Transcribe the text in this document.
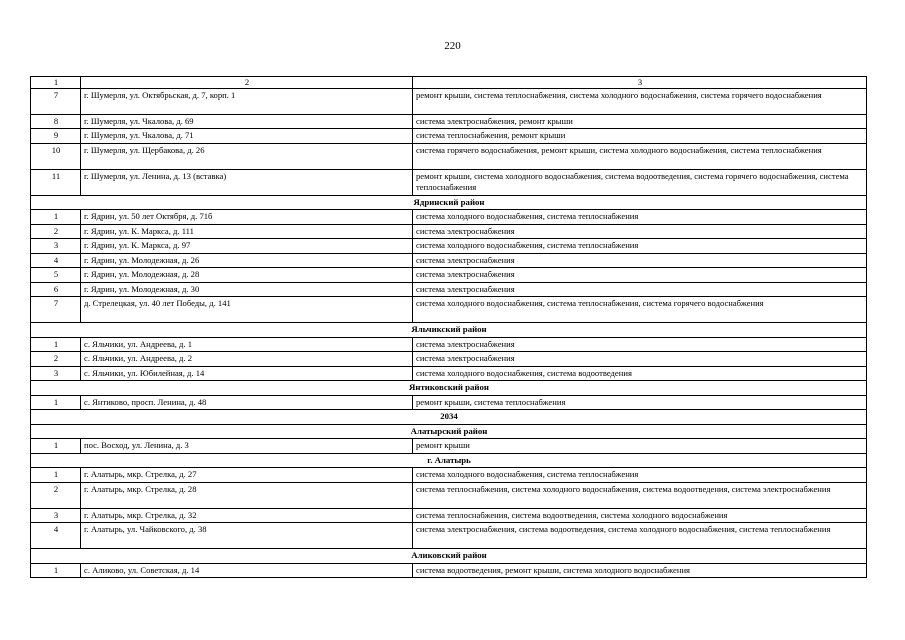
220
1	2	3
7	г. Шумерля, ул. Октябрьская, д. 7, корп. 1	ремонт крыши, система теплоснабжения, система холодного водоснабжения, система горячего водоснабжения
8	г. Шумерля, ул. Чкалова, д. 69	система электроснабжения, ремонт крыши
9	г. Шумерля, ул. Чкалова, д. 71	система теплоснабжения, ремонт крыши
10	г. Шумерля, ул. Щербакова, д. 26	система горячего водоснабжения, ремонт крыши, система холодного водоснабжения, система теплоснабжения
11	г. Шумерля, ул. Ленина, д. 13 (вставка)	ремонт крыши, система холодного водоснабжения, система водоотведения, система горячего водоснабжения, система теплоснабжения
Ядринский район		
1	г. Ядрин, ул. 50 лет Октября, д. 71б	система холодного водоснабжения, система теплоснабжения
2	г. Ядрин, ул. К. Маркса, д. 111	система электроснабжения
3	г. Ядрин, ул. К. Маркса, д. 97	система холодного водоснабжения, система теплоснабжения
4	г. Ядрин, ул. Молодежная, д. 26	система электроснабжения
5	г. Ядрин, ул. Молодежная, д. 28	система электроснабжения
6	г. Ядрин, ул. Молодежная, д. 30	система электроснабжения
7	д. Стрелецкая, ул. 40 лет Победы, д. 141	система холодного водоснабжения, система теплоснабжения, система горячего водоснабжения
Яльчикский район		
1	с. Яльчики, ул. Андреева, д. 1	система электроснабжения
2	с. Яльчики, ул. Андреева, д. 2	система электроснабжения
3	с. Яльчики, ул. Юбилейная, д. 14	система холодного водоснабжения, система водоотведения
Янтиковский район		
1	с. Янтиково, просп. Ленина, д. 48	ремонт крыши, система теплоснабжения
2034		
Алатырский район		
1	пос. Восход, ул. Ленина, д. 3	ремонт крыши
г. Алатырь		
1	г. Алатырь, мкр. Стрелка, д. 27	система холодного водоснабжения, система теплоснабжения
2	г. Алатырь, мкр. Стрелка, д. 28	система теплоснабжения, система холодного водоснабжения, система водоотведения, система электроснабжения
3	г. Алатырь, мкр. Стрелка, д. 32	система теплоснабжения, система водоотведения, система холодного водоснабжения
4	г. Алатырь, ул. Чайковского, д. 38	система электроснабжения, система водоотведения, система холодного водоснабжения, система теплоснабжения
Аликовский район		
1	с. Аликово, ул. Советская, д. 14	система водоотведения, ремонт крыши, система холодного водоснабжения
